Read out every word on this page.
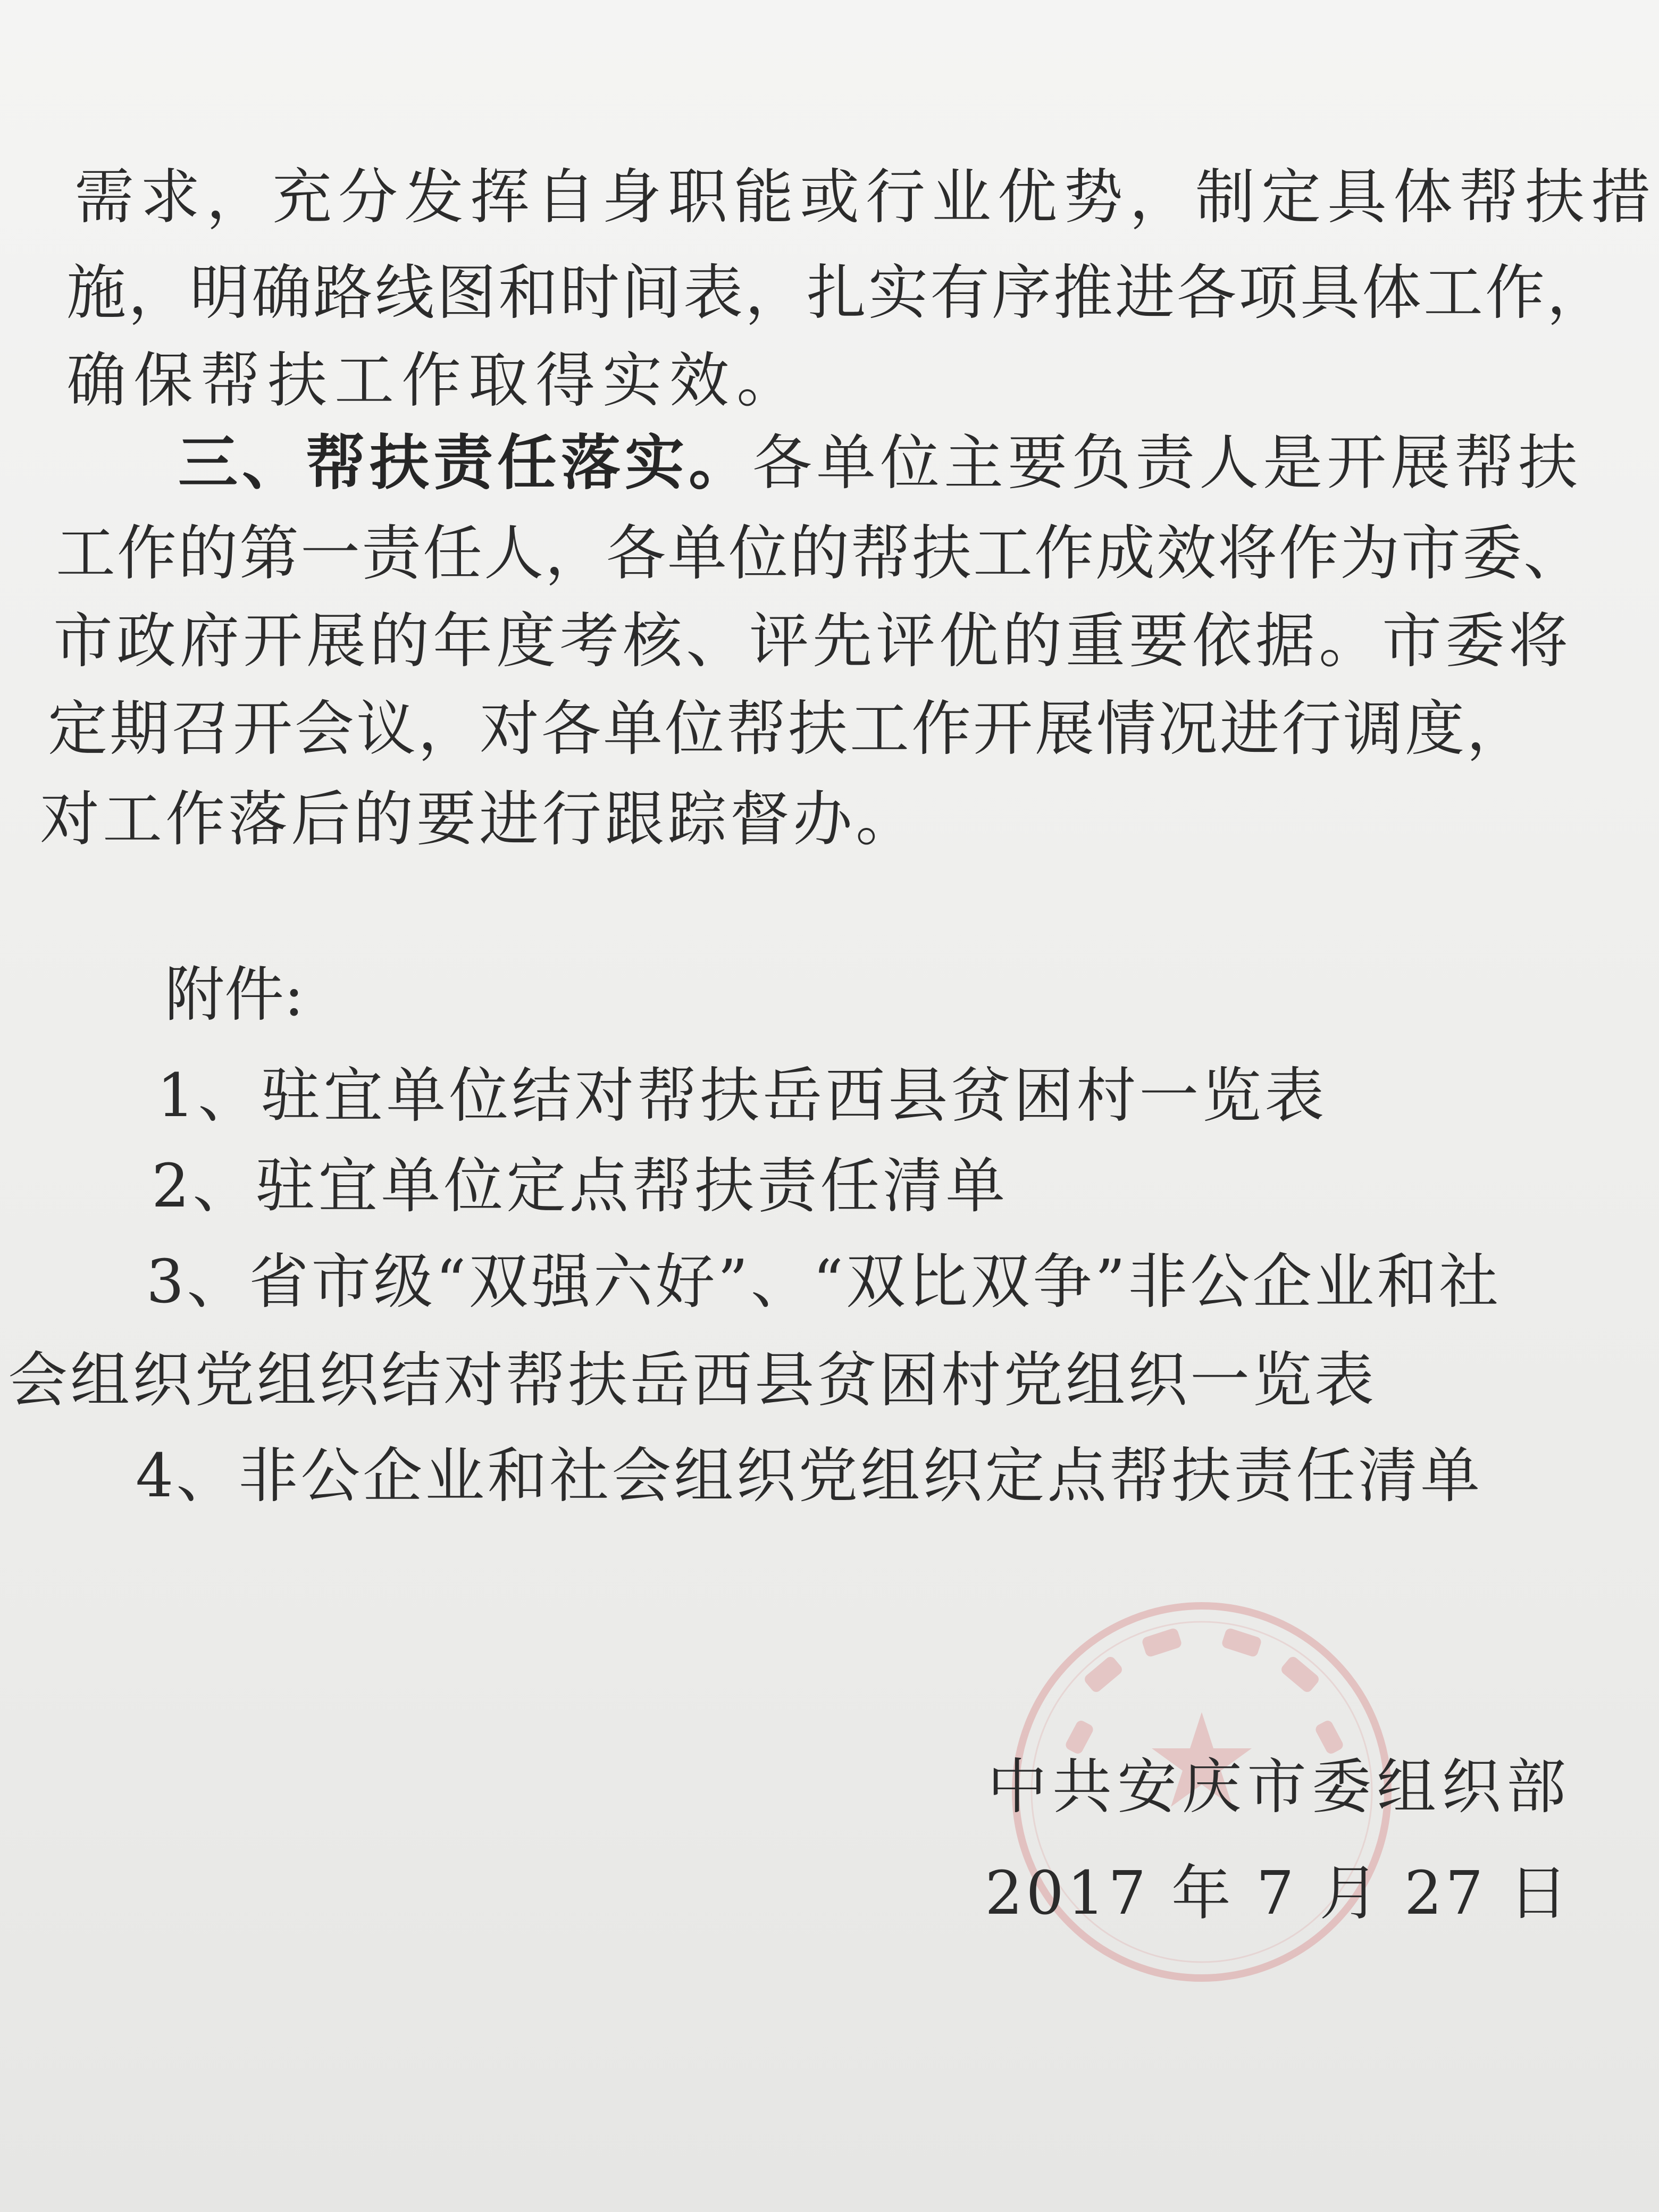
需求，充分发挥自身职能或行业优势，制定具体帮扶措

施，明确路线图和时间表，扎实有序推进各项具体工作，

确保帮扶工作取得实效。

三、帮扶责任落实。各单位主要负责人是开展帮扶

工作的第一责任人，各单位的帮扶工作成效将作为市委、

市政府开展的年度考核、评先评优的重要依据。市委将

定期召开会议，对各单位帮扶工作开展情况进行调度，

对工作落后的要进行跟踪督办。

附件:

1、驻宜单位结对帮扶岳西县贫困村一览表

2、驻宜单位定点帮扶责任清单

3、省市级“双强六好”、“双比双争”非公企业和社

会组织党组织结对帮扶岳西县贫困村党组织一览表

4、非公企业和社会组织党组织定点帮扶责任清单

中共安庆市委组织部

2017 年 7 月 27 日
